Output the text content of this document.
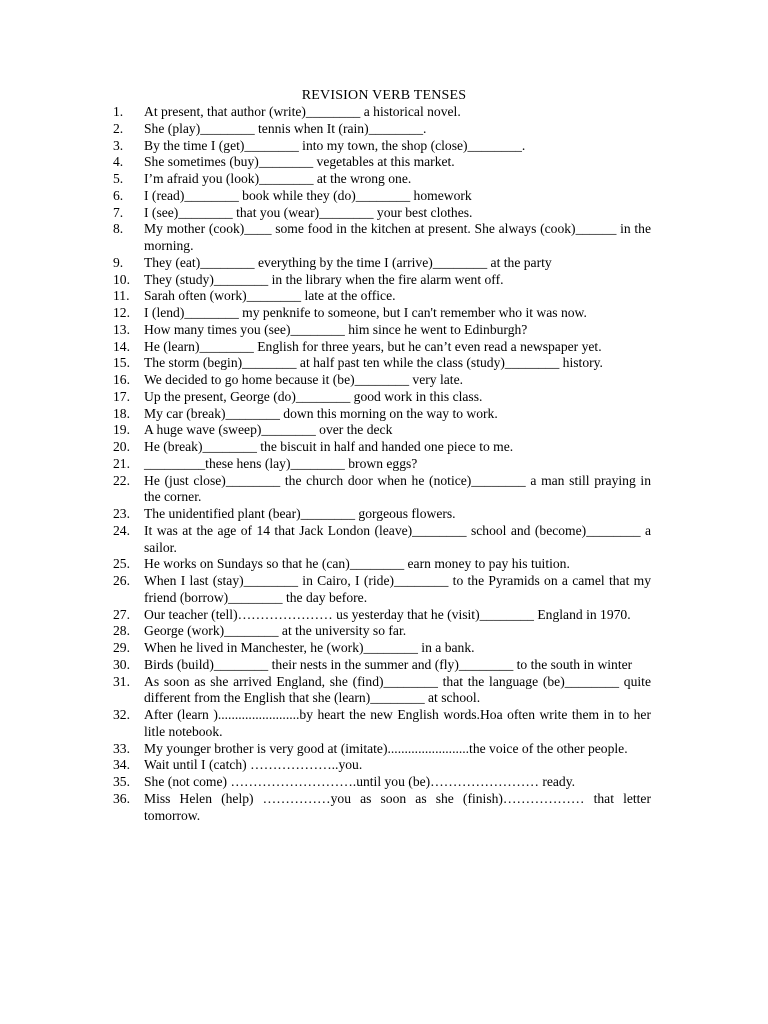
REVISION VERB TENSES
1. At present, that author (write)________ a historical novel.
2. She (play)________ tennis when It (rain)________.
3. By the time I (get)________ into my town, the shop (close)________.
4. She sometimes (buy)________ vegetables at this market.
5. I’m afraid you (look)________ at the wrong one.
6. I (read)________ book while they (do)________ homework
7. I (see)________ that you (wear)________ your best clothes.
8. My mother (cook)____ some food in the kitchen at present. She always (cook)______ in the morning.
9. They (eat)________ everything by the time I (arrive)________ at the party
10. They (study)________ in the library when the fire alarm went off.
11. Sarah often (work)________ late at the office.
12. I (lend)________ my penknife to someone, but I can't remember who it was now.
13. How many times you (see)________ him since he went to Edinburgh?
14. He (learn)________ English for three years, but he can’t even read a newspaper yet.
15. The storm (begin)________ at half past ten while the class (study)________ history.
16. We decided to go home because it (be)________ very late.
17. Up the present, George (do)________ good work in this class.
18. My car (break)________ down this morning on the way to work.
19. A huge wave (sweep)________ over the deck
20. He (break)________ the biscuit in half and handed one piece to me.
21. _________these hens (lay)________ brown eggs?
22. He (just close)________ the church door when he (notice)________ a man still praying in the corner.
23. The unidentified plant (bear)________ gorgeous flowers.
24. It was at the age of 14 that Jack London (leave)________ school and (become)________ a sailor.
25. He works on Sundays so that he (can)________ earn money to pay his tuition.
26. When I last (stay)________ in Cairo, I (ride)________ to the Pyramids on a camel that my friend (borrow)________ the day before.
27. Our teacher (tell)………………… us yesterday that he (visit)________ England in 1970.
28. George (work)________ at the university so far.
29. When he lived in Manchester, he (work)________ in a bank.
30. Birds (build)________ their nests in the summer and (fly)________ to the south in winter
31. As soon as she arrived England, she (find)________ that the language (be)________ quite different from the English that she (learn)________ at school.
32. After (learn )........................by heart the new English words.Hoa often write them in to her litle notebook.
33. My younger brother is very good at (imitate)........................the voice of the other people.
34. Wait until I (catch) ………………..you.
35. She (not come) ……………………….until you (be)…………………… ready.
36. Miss Helen (help) ……………you as soon as she (finish)……………… that letter tomorrow.
